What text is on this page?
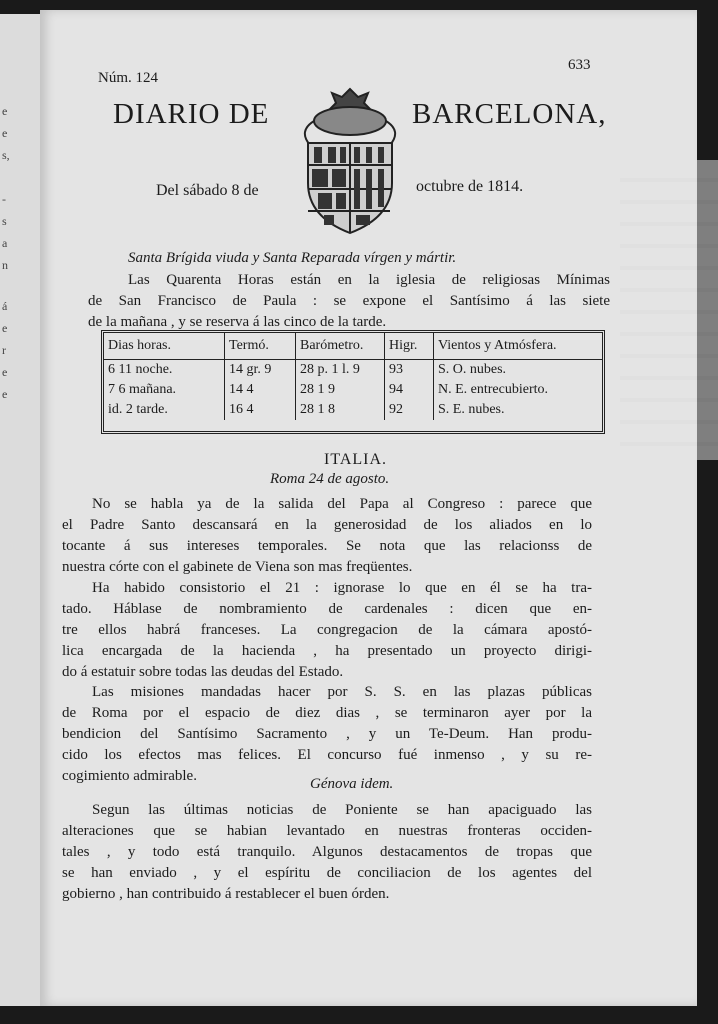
e
e
s,
-
s
a
n
á
e
r
e
e
Núm. 124
633
DIARIO DE	BARCELONA,
Del sábado 8 de	octubre de 1814.
Santa Brígida viuda y Santa Reparada vírgen y mártir.
Las Quarenta Horas están en la iglesia de religiosas Mínimas
de San Francisco de Paula : se expone el Santísimo á las siete
de la mañana , y se reserva á las cinco de la tarde.
Dias horas.	Termó.	Barómetro.	Higr.	Vientos y Atmósfera.
6 11 noche.	14 gr. 9	28 p. 1 l. 9	93	S. O. nubes.
7 6 mañana.	14 4	28 1 9	94	N. E. entrecubierto.
id. 2 tarde.	16 4	28 1 8	92	S. E. nubes.
ITALIA.
Roma 24 de agosto.
No se habla ya de la salida del Papa al Congreso : parece que
el Padre Santo descansará en la generosidad de los aliados en lo
tocante á sus intereses temporales. Se nota que las relacionss de
nuestra córte con el gabinete de Viena son mas freqüentes.
Ha habido consistorio el 21 : ignorase lo que en él se ha tra-
tado. Háblase de nombramiento de cardenales : dicen que en-
tre ellos habrá franceses. La congregacion de la cámara apostó-
lica encargada de la hacienda , ha presentado un proyecto dirigi-
do á estatuir sobre todas las deudas del Estado.
Las misiones mandadas hacer por S. S. en las plazas públicas
de Roma por el espacio de diez dias , se terminaron ayer por la
bendicion del Santísimo Sacramento , y un Te-Deum. Han produ-
cido los efectos mas felices. El concurso fué inmenso , y su re-
cogimiento admirable.	Génova idem.
Segun las últimas noticias de Poniente se han apaciguado las
alteraciones que se habian levantado en nuestras fronteras occiden-
tales , y todo está tranquilo. Algunos destacamentos de tropas que
se han enviado , y el espíritu de conciliacion de los agentes del
gobierno , han contribuido á restablecer el buen órden.
